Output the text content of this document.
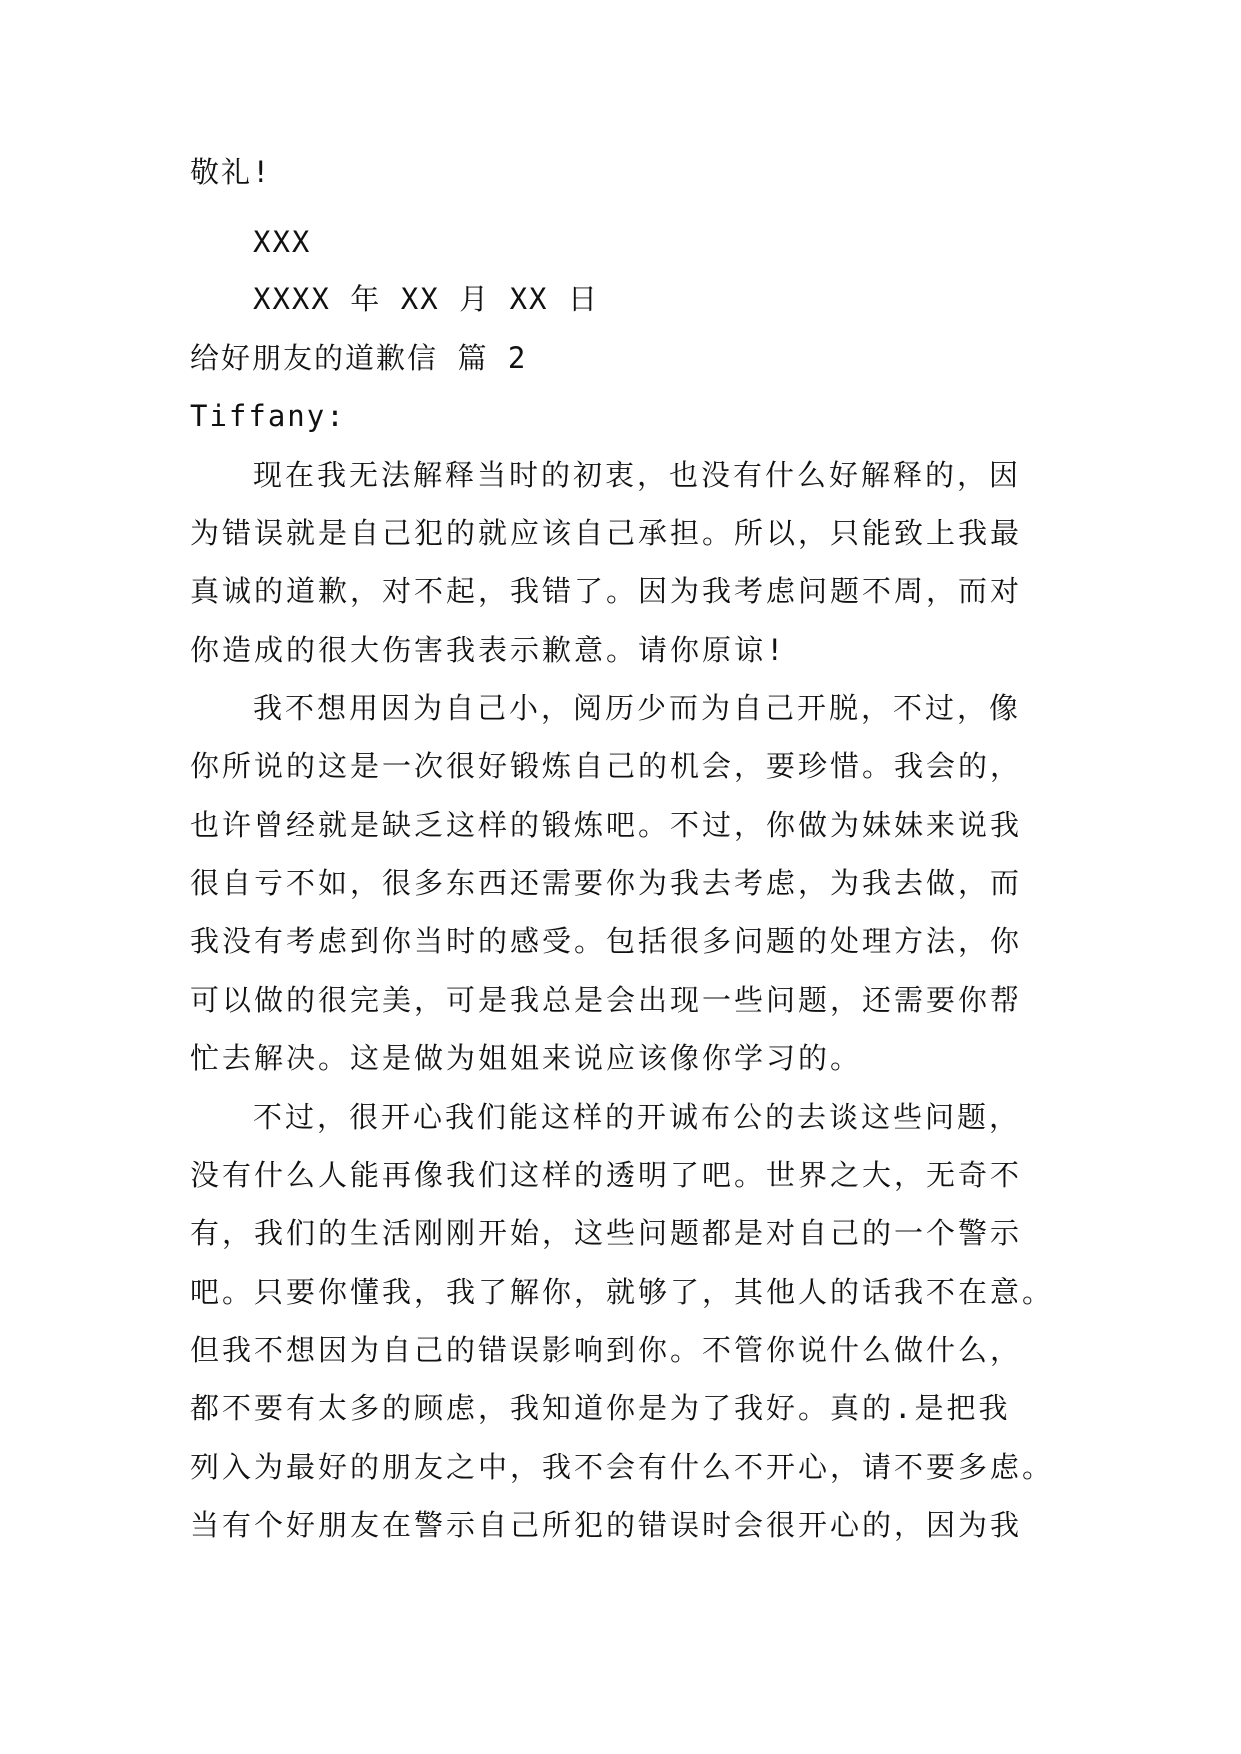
敬礼!
XXX
XXXX 年 XX 月 XX 日
给好朋友的道歉信 篇 2
Tiffany:
现在我无法解释当时的初衷，也没有什么好解释的，因
为错误就是自己犯的就应该自己承担。所以，只能致上我最
真诚的道歉，对不起，我错了。因为我考虑问题不周，而对
你造成的很大伤害我表示歉意。请你原谅!
我不想用因为自己小，阅历少而为自己开脱，不过，像
你所说的这是一次很好锻炼自己的机会，要珍惜。我会的，
也许曾经就是缺乏这样的锻炼吧。不过，你做为妹妹来说我
很自亏不如，很多东西还需要你为我去考虑，为我去做，而
我没有考虑到你当时的感受。包括很多问题的处理方法，你
可以做的很完美，可是我总是会出现一些问题，还需要你帮
忙去解决。这是做为姐姐来说应该像你学习的。
不过，很开心我们能这样的开诚布公的去谈这些问题，
没有什么人能再像我们这样的透明了吧。世界之大，无奇不
有，我们的生活刚刚开始，这些问题都是对自己的一个警示
吧。只要你懂我，我了解你，就够了，其他人的话我不在意。
但我不想因为自己的错误影响到你。不管你说什么做什么，
都不要有太多的顾虑，我知道你是为了我好。真的.是把我
列入为最好的朋友之中，我不会有什么不开心，请不要多虑。
当有个好朋友在警示自己所犯的错误时会很开心的，因为我
